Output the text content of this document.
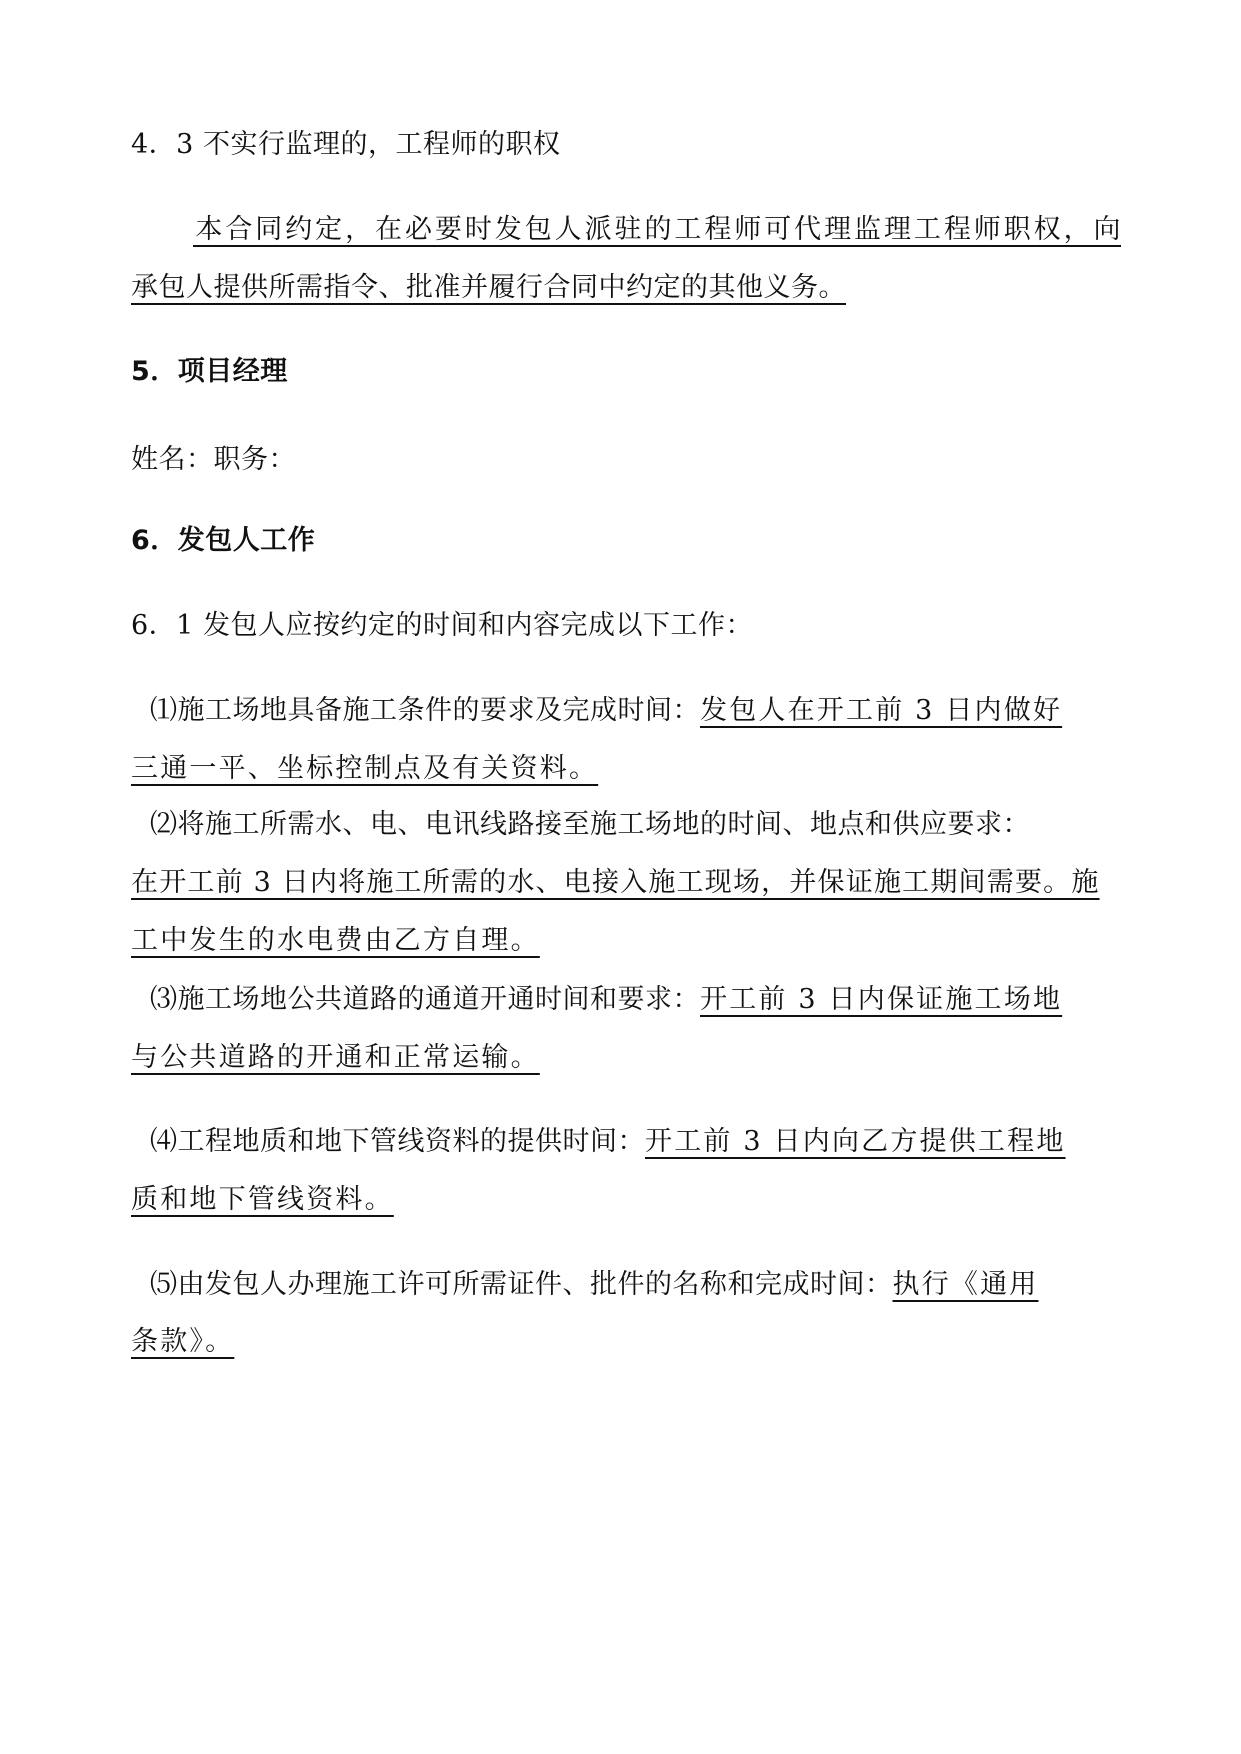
4．3 不实行监理的，工程师的职权
本合同约定，在必要时发包人派驻的工程师可代理监理工程师职权，向
承包人提供所需指令、批准并履行合同中约定的其他义务。
5．项目经理
姓名：职务：
6．发包人工作
6．1 发包人应按约定的时间和内容完成以下工作：
⑴施工场地具备施工条件的要求及完成时间：发包人在开工前 3 日内做好
三通一平、坐标控制点及有关资料。
⑵将施工所需水、电、电讯线路接至施工场地的时间、地点和供应要求：
在开工前 3 日内将施工所需的水、电接入施工现场，并保证施工期间需要。施
工中发生的水电费由乙方自理。
⑶施工场地公共道路的通道开通时间和要求：开工前 3 日内保证施工场地
与公共道路的开通和正常运输。
⑷工程地质和地下管线资料的提供时间：开工前 3 日内向乙方提供工程地
质和地下管线资料。
⑸由发包人办理施工许可所需证件、批件的名称和完成时间：执行《通用
条款》。
